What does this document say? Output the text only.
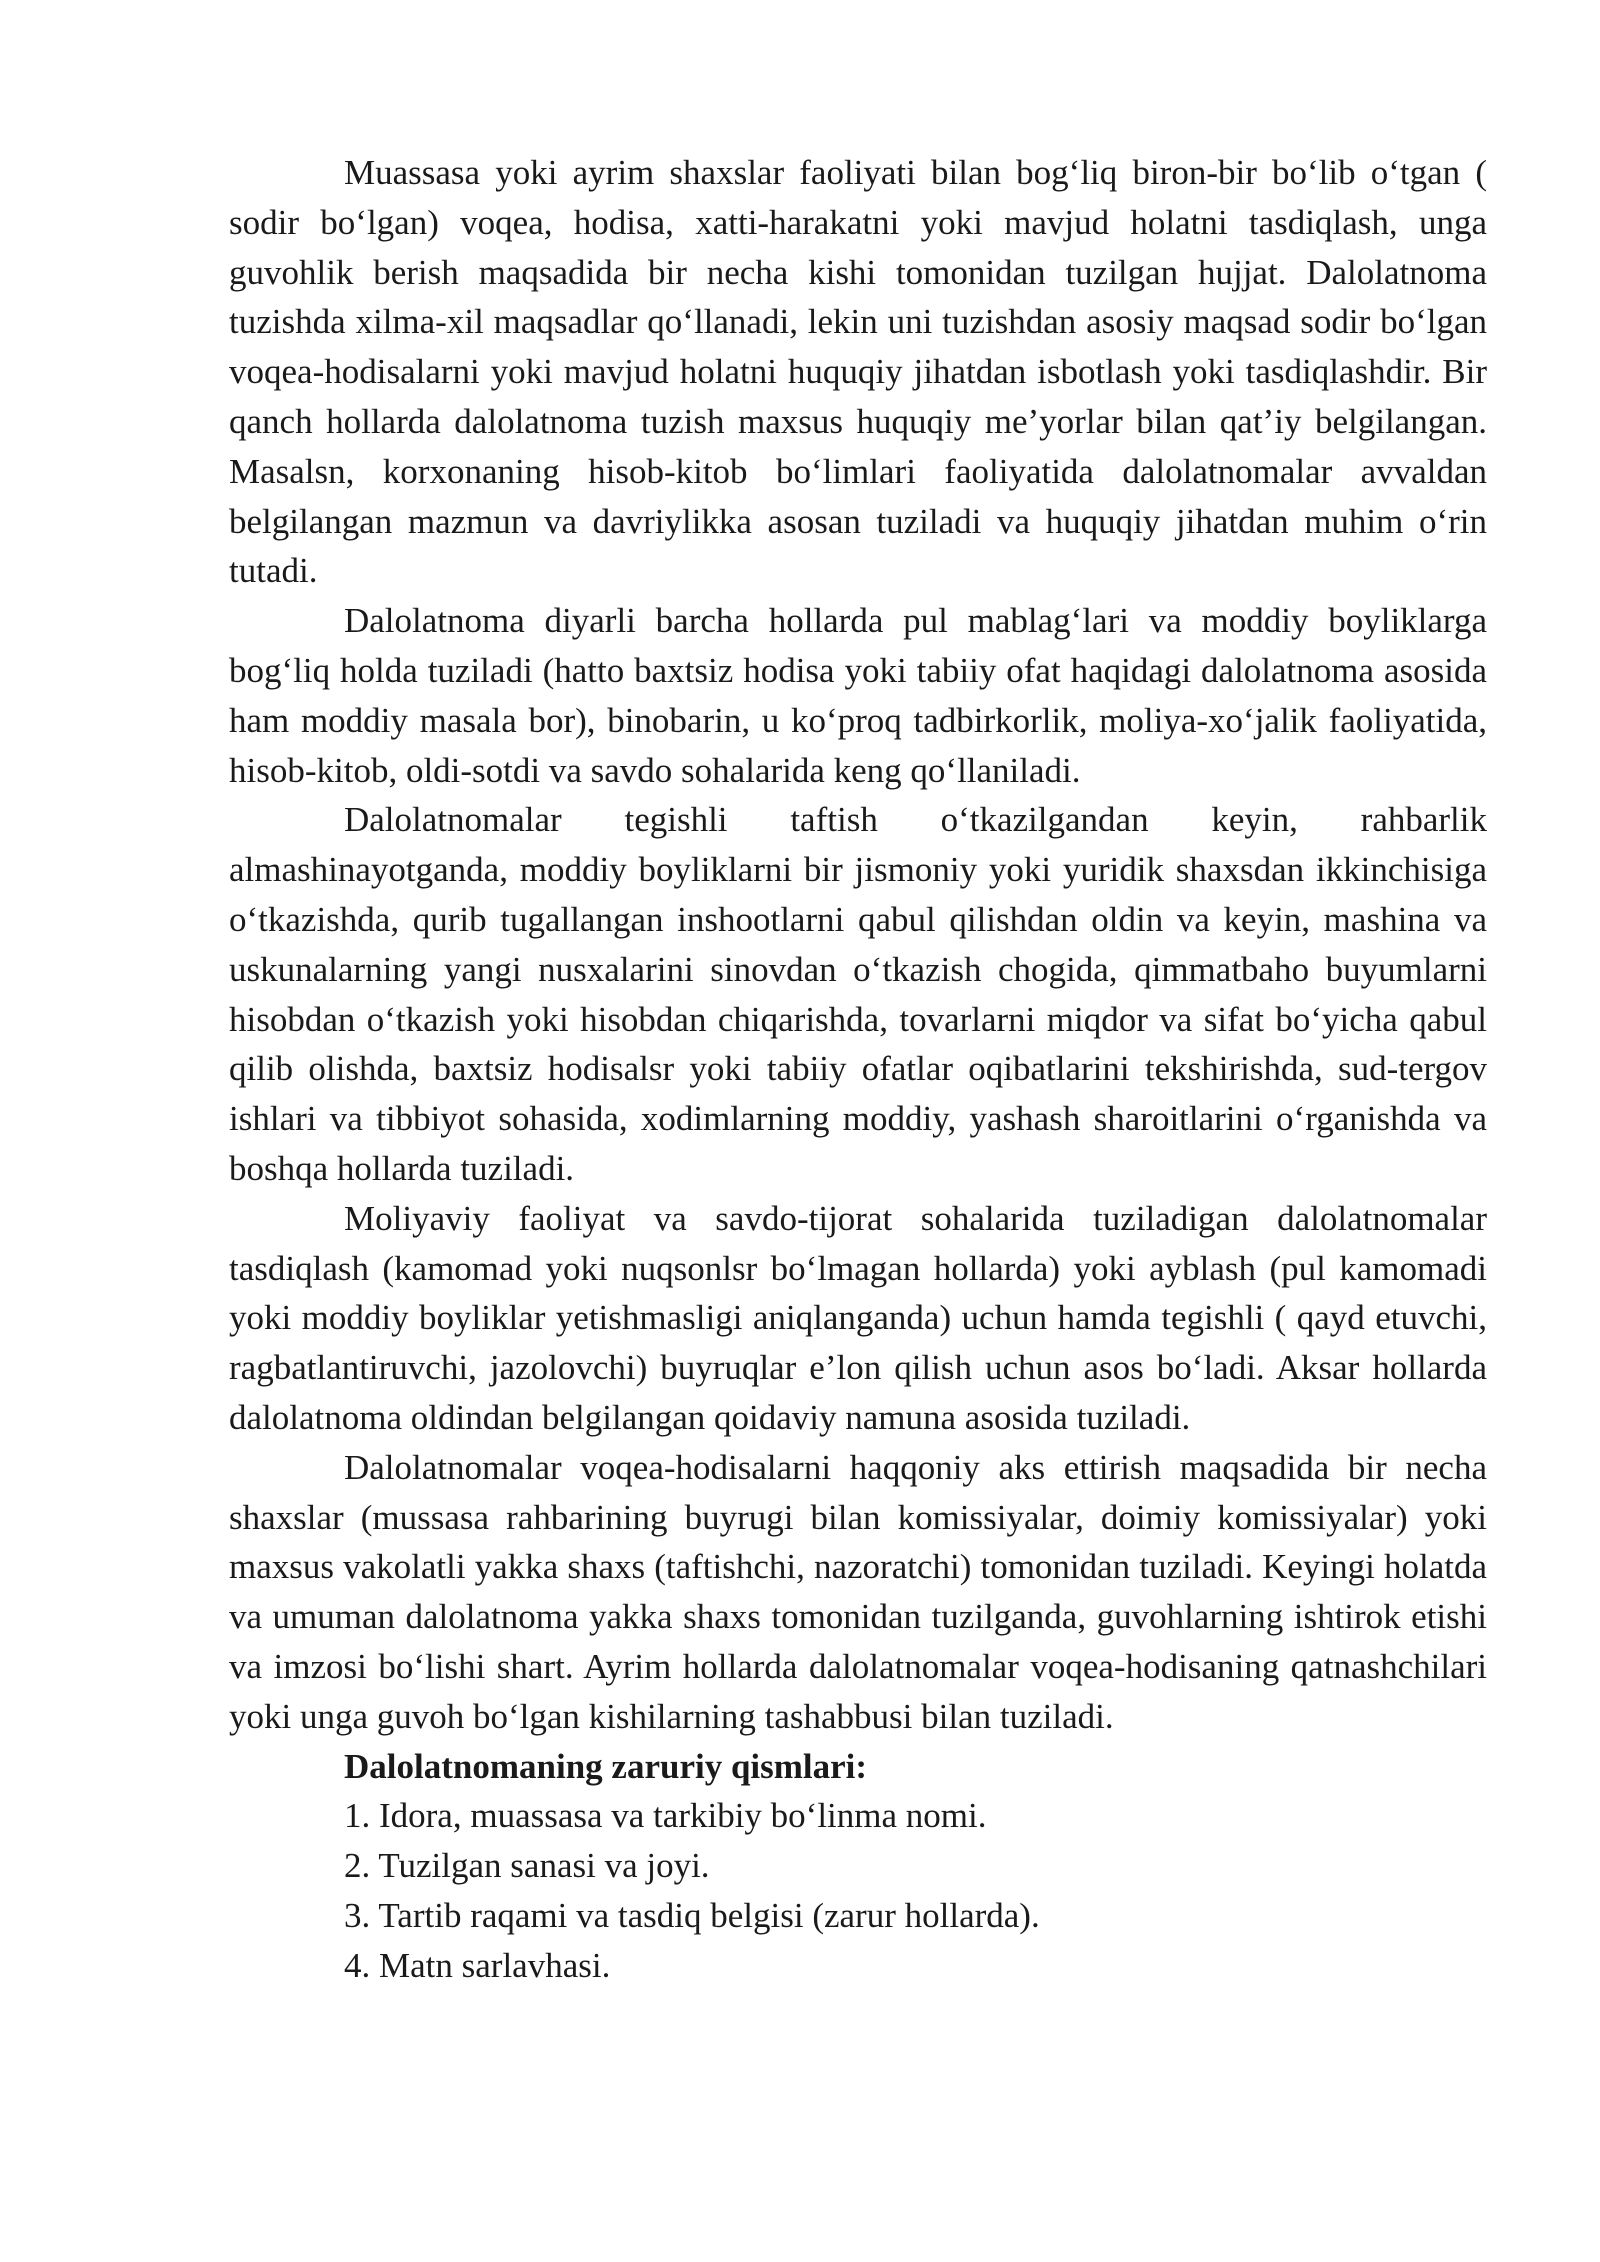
Muassasa yoki ayrim shaxslar faoliyati bilan bog‘liq biron-bir bo‘lib o‘tgan ( sodir bo‘lgan) voqea, hodisa, xatti-harakatni yoki mavjud holatni tasdiqlash, unga guvohlik berish maqsadida bir necha kishi tomonidan tuzilgan hujjat. Dalolatnoma tuzishda xilma-xil maqsadlar qo‘llanadi, lekin uni tuzishdan asosiy maqsad sodir bo‘lgan voqea-hodisalarni yoki mavjud holatni huquqiy jihatdan isbotlash yoki tasdiqlashdir. Bir qanch hollarda dalolatnoma tuzish maxsus huquqiy me’yorlar bilan qat’iy belgilangan. Masalsn, korxonaning hisob-kitob bo‘limlari faoliyatida dalolatnomalar avvaldan belgilangan mazmun va davriylikka asosan tuziladi va huquqiy jihatdan muhim o‘rin tutadi.

Dalolatnoma diyarli barcha hollarda pul mablag‘lari va moddiy boyliklarga bog‘liq holda tuziladi (hatto baxtsiz hodisa yoki tabiiy ofat haqidagi dalolatnoma asosida ham moddiy masala bor), binobarin, u ko‘proq tadbirkorlik, moliya-xo‘jalik faoliyatida, hisob-kitob, oldi-sotdi va savdo sohalarida keng qo‘llaniladi.

Dalolatnomalar tegishli taftish o‘tkazilgandan keyin, rahbarlik almashinayotganda, moddiy boyliklarni bir jismoniy yoki yuridik shaxsdan ikkinchisiga o‘tkazishda, qurib tugallangan inshootlarni qabul qilishdan oldin va keyin, mashina va uskunalarning yangi nusxalarini sinovdan o‘tkazish chogida, qimmatbaho buyumlarni hisobdan o‘tkazish yoki hisobdan chiqarishda, tovarlarni miqdor va sifat bo‘yicha qabul qilib olishda, baxtsiz hodisalsr yoki tabiiy ofatlar oqibatlarini tekshirishda, sud-tergov ishlari va tibbiyot sohasida, xodimlarning moddiy, yashash sharoitlarini o‘rganishda va boshqa hollarda tuziladi.

Moliyaviy faoliyat va savdo-tijorat sohalarida tuziladigan dalolatnomalar tasdiqlash (kamomad yoki nuqsonlsr bo‘lmagan hollarda) yoki ayblash (pul kamomadi yoki moddiy boyliklar yetishmasligi aniqlanganda) uchun hamda tegishli ( qayd etuvchi, ragbatlantiruvchi, jazolovchi) buyruqlar e’lon qilish uchun asos bo‘ladi. Aksar hollarda dalolatnoma oldindan belgilangan qoidaviy namuna asosida tuziladi.

Dalolatnomalar voqea-hodisalarni haqqoniy aks ettirish maqsadida bir necha shaxslar (mussasa rahbarining buyrugi bilan komissiyalar, doimiy komissiyalar) yoki maxsus vakolatli yakka shaxs (taftishchi, nazoratchi) tomonidan tuziladi. Keyingi holatda va umuman dalolatnoma yakka shaxs tomonidan tuzilganda, guvohlarning ishtirok etishi va imzosi bo‘lishi shart. Ayrim hollarda dalolatnomalar voqea-hodisaning qatnashchilari yoki unga guvoh bo‘lgan kishilarning tashabbusi bilan tuziladi.

Dalolatnomaning zaruriy qismlari:

1. Idora, muassasa va tarkibiy bo‘linma nomi.
2. Tuzilgan sanasi va joyi.
3. Tartib raqami va tasdiq belgisi (zarur hollarda).
4. Matn sarlavhasi.
